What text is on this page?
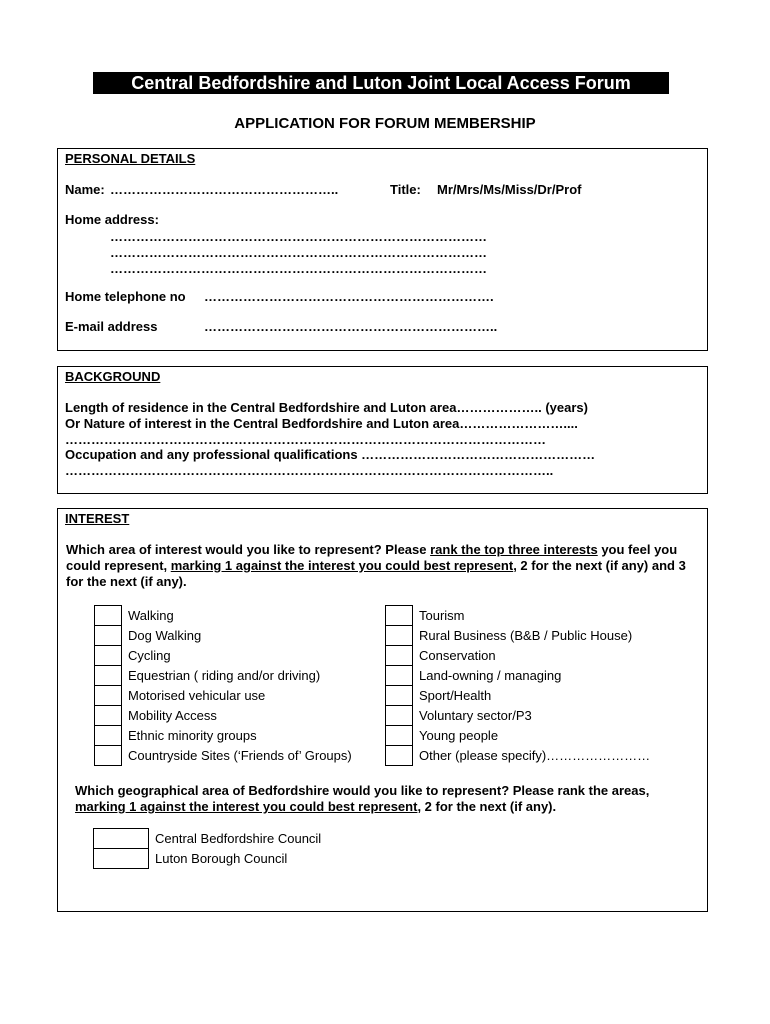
Central Bedfordshire and Luton Joint Local Access Forum
APPLICATION FOR FORUM MEMBERSHIP
PERSONAL DETAILS
Name: ……………………………………………..	Title: Mr/Mrs/Ms/Miss/Dr/Prof
Home address:
……………………………………………………………………………
……………………………………………………………………………
……………………………………………………………………………
Home telephone no ………………………………………………………….
E-mail address	…………………………………………………………..
BACKGROUND
Length of residence in the Central Bedfordshire and Luton area……………….. (years)
Or Nature of interest in the Central Bedfordshire and Luton area……………………....
…………………………………………………………………………………………………
Occupation and any professional qualifications ………………………………………………
…………………………………………………………………………………………………..
INTEREST
Which area of interest would you like to represent? Please rank the top three interests you feel you could represent, marking 1 against the interest you could best represent, 2 for the next (if any) and 3 for the next (if any).
	Walking
	Dog Walking
	Cycling
	Equestrian ( riding and/or driving)
	Motorised vehicular use
	Mobility Access
	Ethnic minority groups
	Countryside Sites (‘Friends of’ Groups)
	Tourism
	Rural Business (B&B / Public House)
	Conservation
	Land-owning / managing
	Sport/Health
	Voluntary sector/P3
	Young people
	Other (please specify)……………………
Which geographical area of Bedfordshire would you like to represent? Please rank the areas, marking 1 against the interest you could best represent, 2 for the next (if any).
	Central Bedfordshire Council
	Luton Borough Council
